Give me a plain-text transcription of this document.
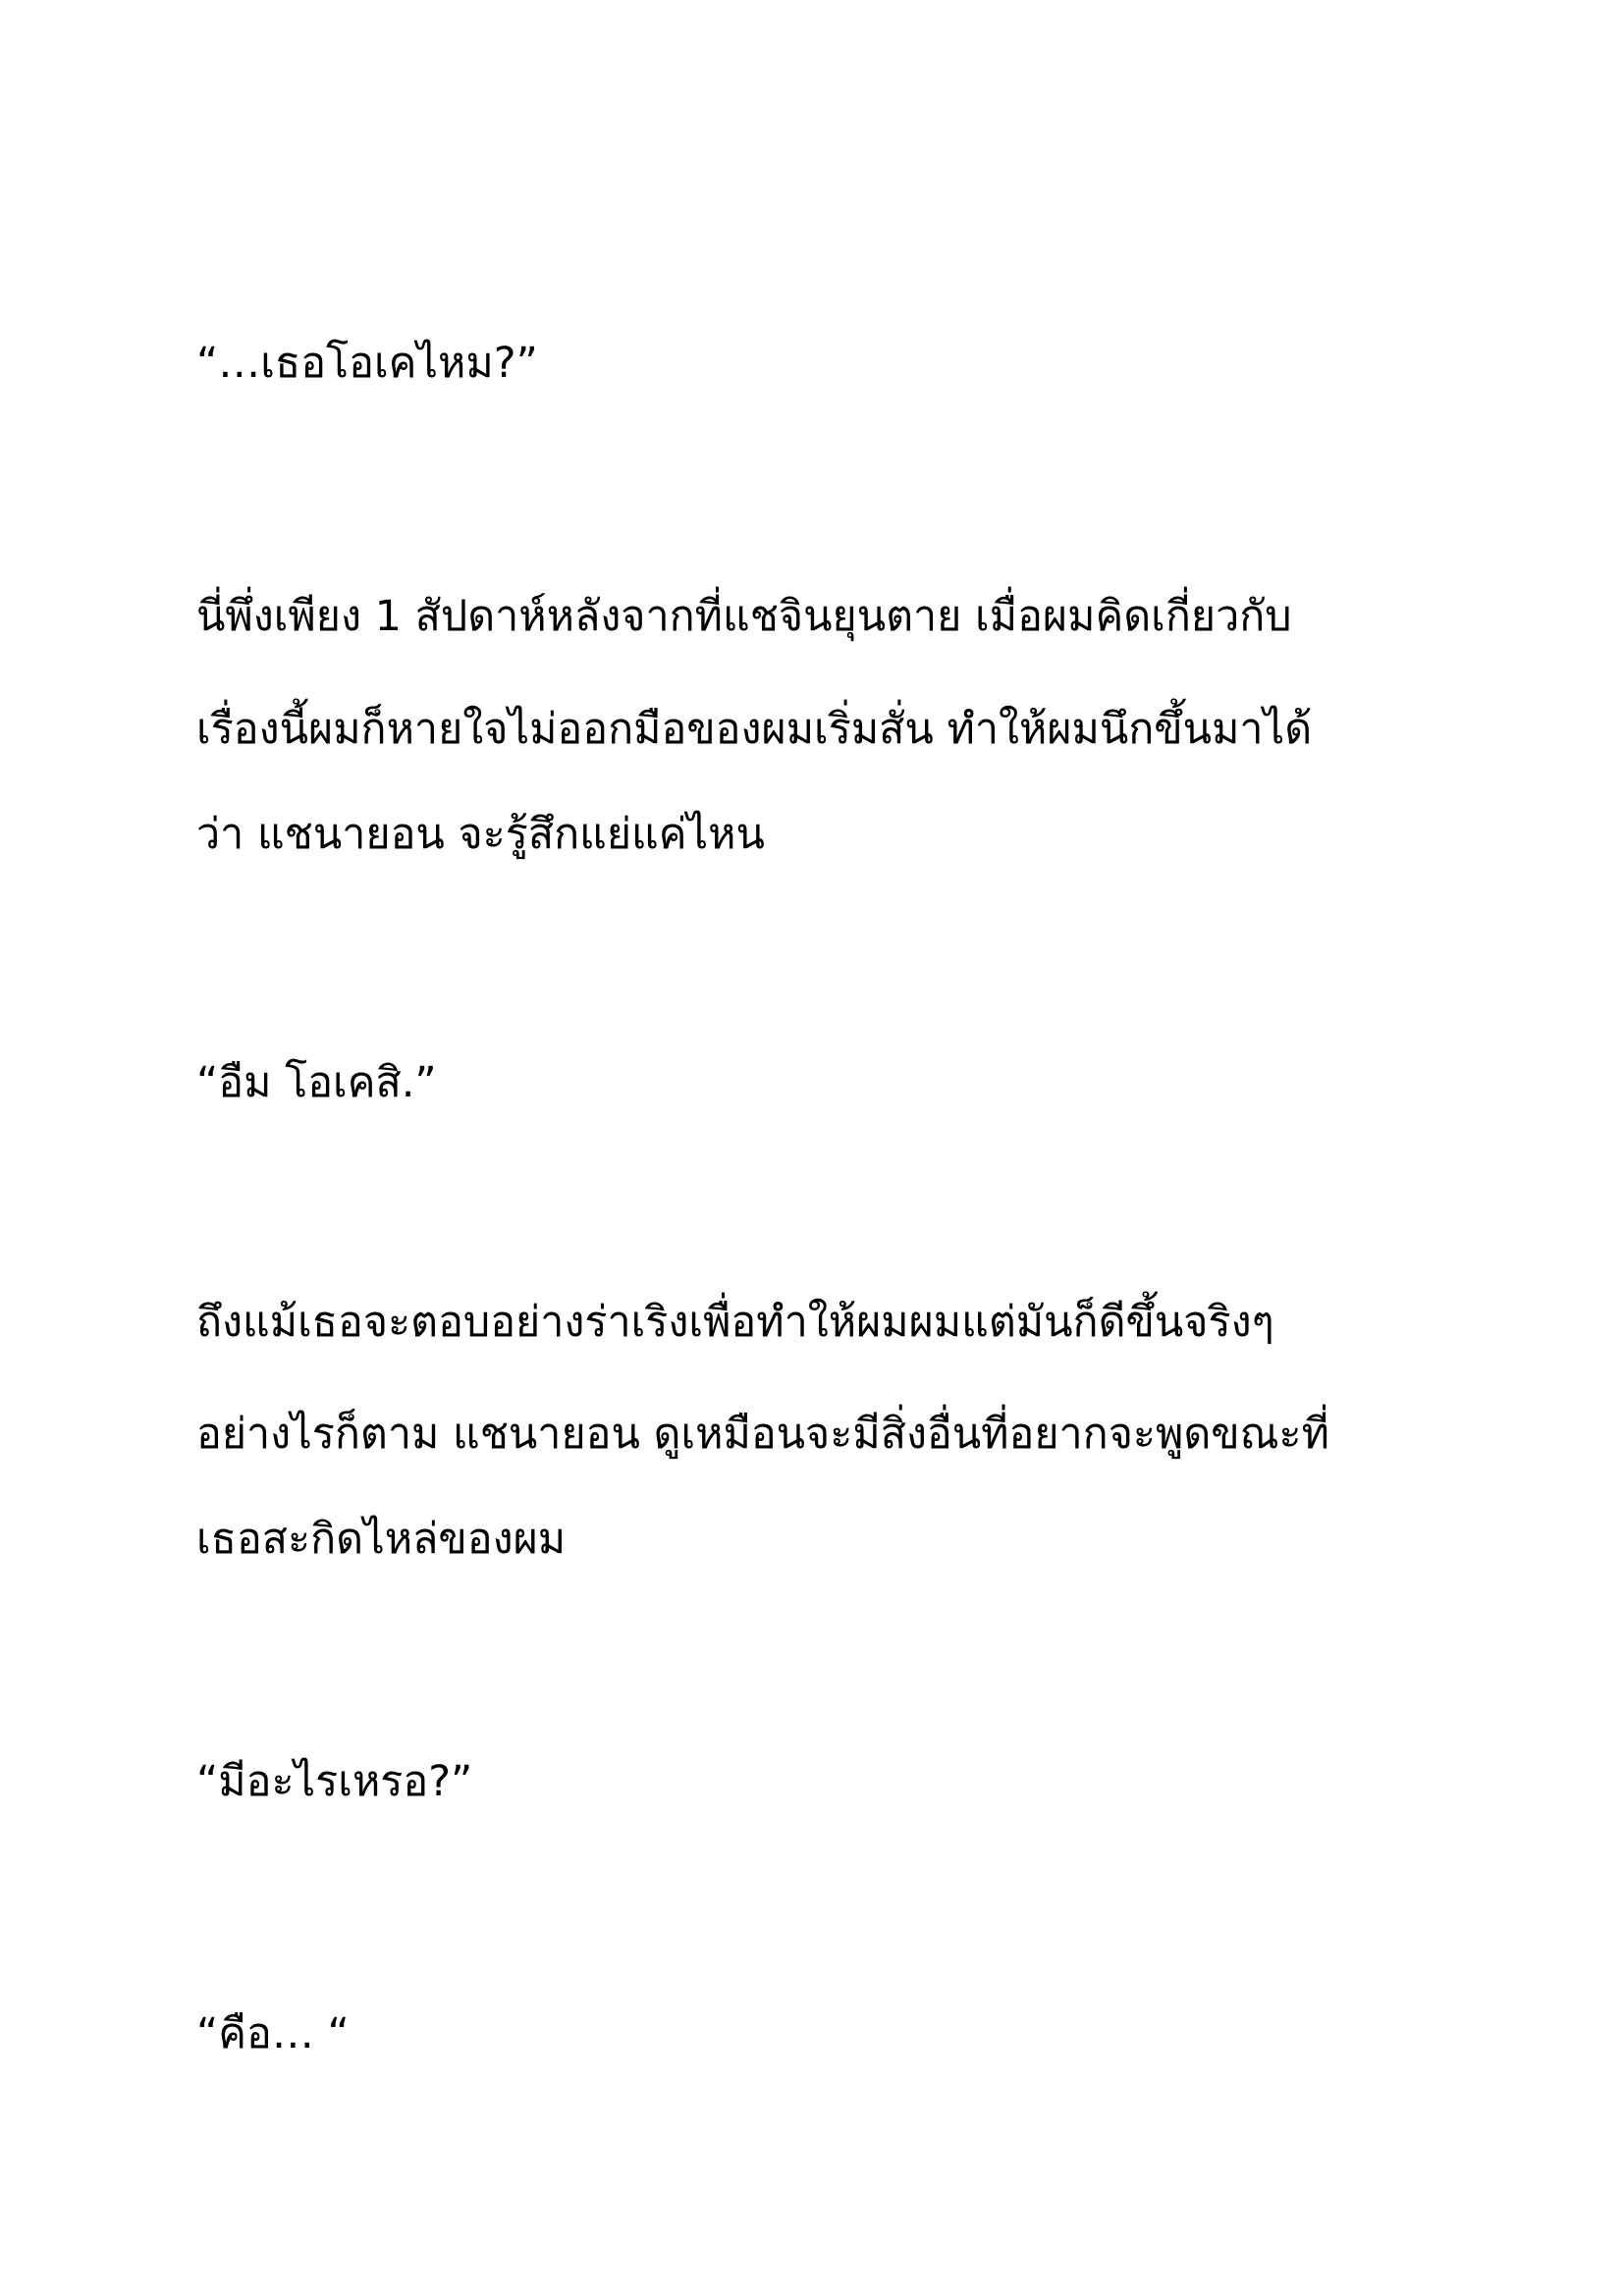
“…เธอโอเคไหม?”
นี่พึ่งเพียง 1 สัปดาห์หลังจากที่แชจินยุนตาย เมื่อผมคิดเกี่ยวกับ
เรื่องนี้ผมก็หายใจไม่ออกมือของผมเริ่มสั่น ทำให้ผมนึกขึ้นมาได้
ว่า แชนายอน จะรู้สึกแย่แค่ไหน
“อืม โอเคสิ.”
ถึงแม้เธอจะตอบอย่างร่าเริงเพื่อทำให้ผมผมแต่มันก็ดีขึ้นจริงๆ
อย่างไรก็ตาม แชนายอน ดูเหมือนจะมีสิ่งอื่นที่อยากจะพูดขณะที่
เธอสะกิดไหล่ของผม
“มีอะไรเหรอ?”
“คือ… “
